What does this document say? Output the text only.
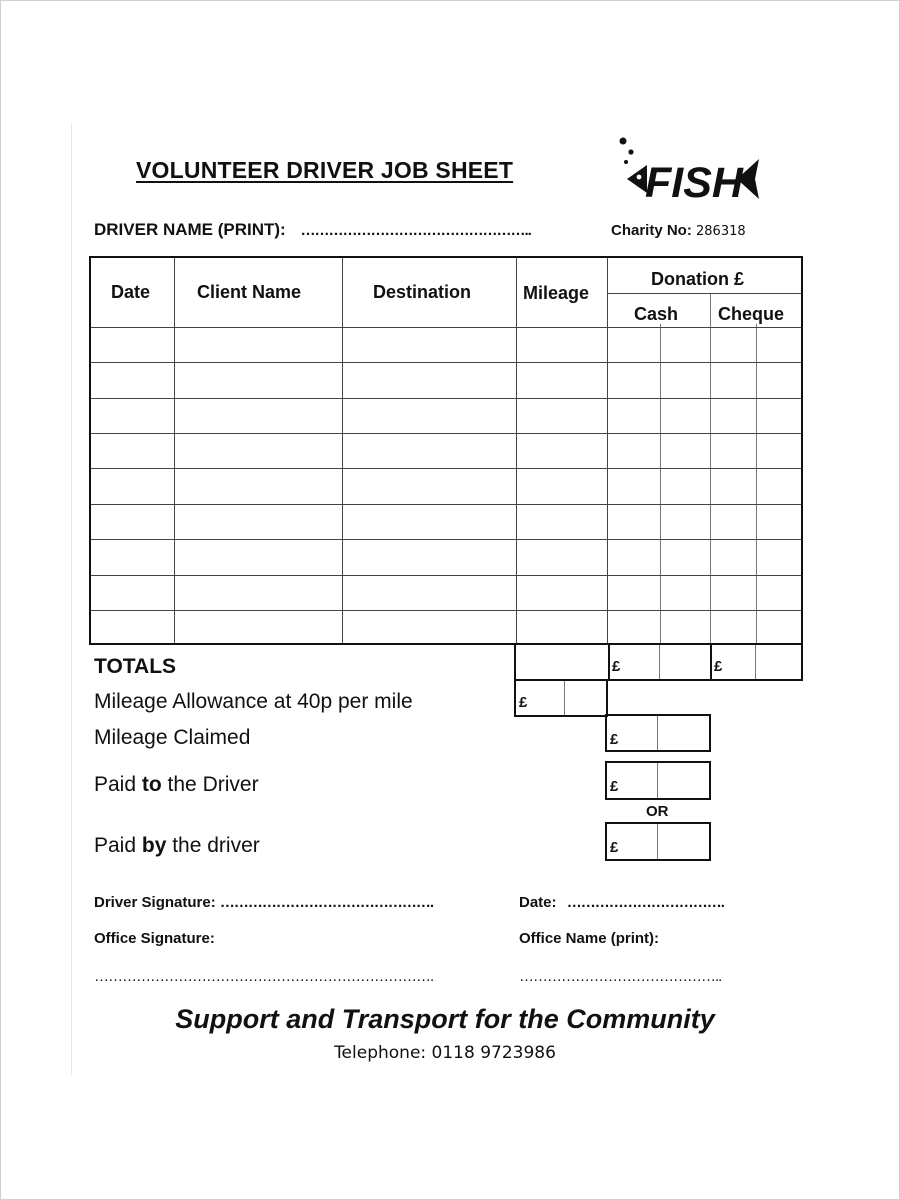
VOLUNTEER DRIVER JOB SHEET	FISH
DRIVER NAME (PRINT): …………………………………………..	Charity No: 286318
Date	Client Name	Destination	Mileage
Donation £
Cash Cheque
TOTALS	£	£
Mileage Allowance at 40p per mile	£
Mileage Claimed	£
Paid to the Driver	£
OR
Paid by the driver	£
Driver Signature: ……………………………………….	Date: …………………………….
Office Signature:	Office Name (print):
……………………………………………………………….	……………………………………..
Support and Transport for the Community
Telephone: 0118 9723986
